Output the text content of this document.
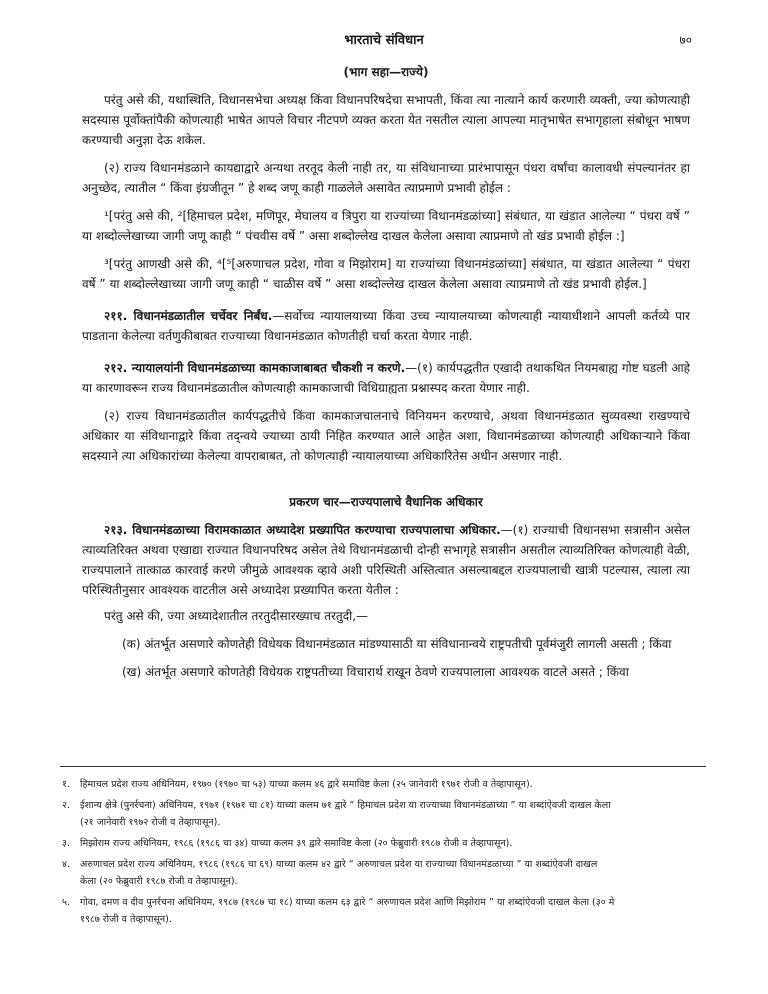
भारताचे संविधान	७०

(भाग सहा—राज्ये)

परंतु असे की, यथास्थिति, विधानसभेचा अध्यक्ष किंवा विधानपरिषदेचा सभापती, किंवा त्या नात्याने कार्य करणारी व्यक्ती, ज्या कोणत्याही सदस्यास पूर्वोक्तांपैकी कोणत्याही भाषेत आपले विचार नीटपणे व्यक्त करता येत नसतील त्याला आपल्या मातृभाषेत सभागृहाला संबोधून भाषण करण्याची अनुज्ञा देऊ शकेल.

(२) राज्य विधानमंडळाने कायद्याद्वारे अन्यथा तरतूद केली नाही तर, या संविधानाच्या प्रारंभापासून पंधरा वर्षांचा कालावधी संपल्यानंतर हा अनुच्छेद, त्यातील “ किंवा इंग्रजीतून ” हे शब्द जणू काही गाळलेले असावेत त्याप्रमाणे प्रभावी होईल :

¹[परंतु असे की, ²[हिमाचल प्रदेश, मणिपूर, मेघालय व त्रिपुरा या राज्यांच्या विधानमंडळांच्या] संबंधात, या खंडात आलेल्या “ पंधरा वर्षे ” या शब्दोल्लेखाच्या जागी जणू काही “ पंचवीस वर्षे ” असा शब्दोल्लेख दाखल केलेला असावा त्याप्रमाणे तो खंड प्रभावी होईल :]

³[परंतु आणखी असे की, ⁴[⁵[अरुणाचल प्रदेश, गोवा व मिझोराम] या राज्यांच्या विधानमंडळांच्या] संबंधात, या खंडात आलेल्या “ पंधरा वर्षे ” या शब्दोल्लेखाच्या जागी जणू काही “ चाळीस वर्षे ” असा शब्दोल्लेख दाखल केलेला असावा त्याप्रमाणे तो खंड प्रभावी होईल.]

२११. विधानमंडळातील चर्चेवर निर्बंध.—सर्वोच्च न्यायालयाच्या किंवा उच्च न्यायालयाच्या कोणत्याही न्यायाधीशाने आपली कर्तव्ये पार पाडताना केलेल्या वर्तणुकीबाबत राज्याच्या विधानमंडळात कोणतीही चर्चा करता येणार नाही.

२१२. न्यायालयांनी विधानमंडळाच्या कामकाजाबाबत चौकशी न करणे.—(१) कार्यपद्धतीत एखादी तथाकथित नियमबाह्य गोष्ट घडली आहे या कारणावरून राज्य विधानमंडळातील कोणत्याही कामकाजाची विधिग्राह्यता प्रश्नास्पद करता येणार नाही.

(२) राज्य विधानमंडळातील कार्यपद्धतीचे किंवा कामकाजचालनाचे विनियमन करण्याचे, अथवा विधानमंडळात सुव्यवस्था राखण्याचे अधिकार या संविधानाद्वारे किंवा तद्न्वये ज्याच्या ठायी निहित करण्यात आले आहेत अशा, विधानमंडळाच्या कोणत्याही अधिकाऱ्याने किंवा सदस्याने त्या अधिकारांच्या केलेल्या वापराबाबत, तो कोणत्याही न्यायालयाच्या अधिकारितेस अधीन असणार नाही.

प्रकरण चार—राज्यपालाचे वैधानिक अधिकार

२१३. विधानमंडळाच्या विरामकाळात अध्यादेश प्रख्यापित करण्याचा राज्यपालाचा अधिकार.—(१) राज्याची विधानसभा सत्रासीन असेल त्याव्यतिरिक्त अथवा एखाद्या राज्यात विधानपरिषद असेल तेथे विधानमंडळाची दोन्ही सभागृहे सत्रासीन असतील त्याव्यतिरिक्त कोणत्याही वेळी, राज्यपालाने तात्काळ कारवाई करणे जीमुळे आवश्यक व्हावे अशी परिस्थिती अस्तित्वात असल्याबद्दल राज्यपालाची खात्री पटल्यास, त्याला त्या परिस्थितीनुसार आवश्यक वाटतील असे अध्यादेश प्रख्यापित करता येतील :

परंतु असे की, ज्या अध्यादेशातील तरतुदीसारख्याच तरतुदी,—

(क) अंतर्भूत असणारे कोणतेही विधेयक विधानमंडळात मांडण्यासाठी या संविधानान्वये राष्ट्रपतीची पूर्वमंजुरी लागली असती ; किंवा

(ख) अंतर्भूत असणारे कोणतेही विधेयक राष्ट्रपतीच्या विचारार्थ राखून ठेवणे राज्यपालाला आवश्यक वाटले असते ; किंवा

१. हिमाचल प्रदेश राज्य अधिनियम, १९७० (१९७० चा ५३) याच्या कलम ४६ द्वारे समाविष्ट केला (२५ जानेवारी १९७१ रोजी व तेव्हापासून).
२. ईशान्य क्षेत्रे (पुनर्रचना) अधिनियम, १९७१ (१९७१ चा ८१) याच्या कलम ७१ द्वारे “ हिमाचल प्रदेश या राज्याच्या विधानमंडळाच्या ” या शब्दांऐवजी दाखल केला
(२१ जानेवारी १९७२ रोजी व तेव्हापासून).
३. मिझोराम राज्य अधिनियम, १९८६ (१९८६ चा ३४) याच्या कलम ३९ द्वारे समाविष्ट केला (२० फेब्रुवारी १९८७ रोजी व तेव्हापासून).
४. अरुणाचल प्रदेश राज्य अधिनियम, १९८६ (१९८६ चा ६९) याच्या कलम ४२ द्वारे “ अरुणाचल प्रदेश या राज्याच्या विधानमंडळाच्या ” या शब्दांऐवजी दाखल
केला (२० फेब्रुवारी १९८७ रोजी व तेव्हापासून).
५. गोवा, दमण व दीव पुनर्रचना अधिनियम, १९८७ (१९८७ चा १८) याच्या कलम ६३ द्वारे “ अरुणाचल प्रदेश आणि मिझोराम ” या शब्दांऐवजी दाखल केला (३० मे
१९८७ रोजी व तेव्हापासून).
